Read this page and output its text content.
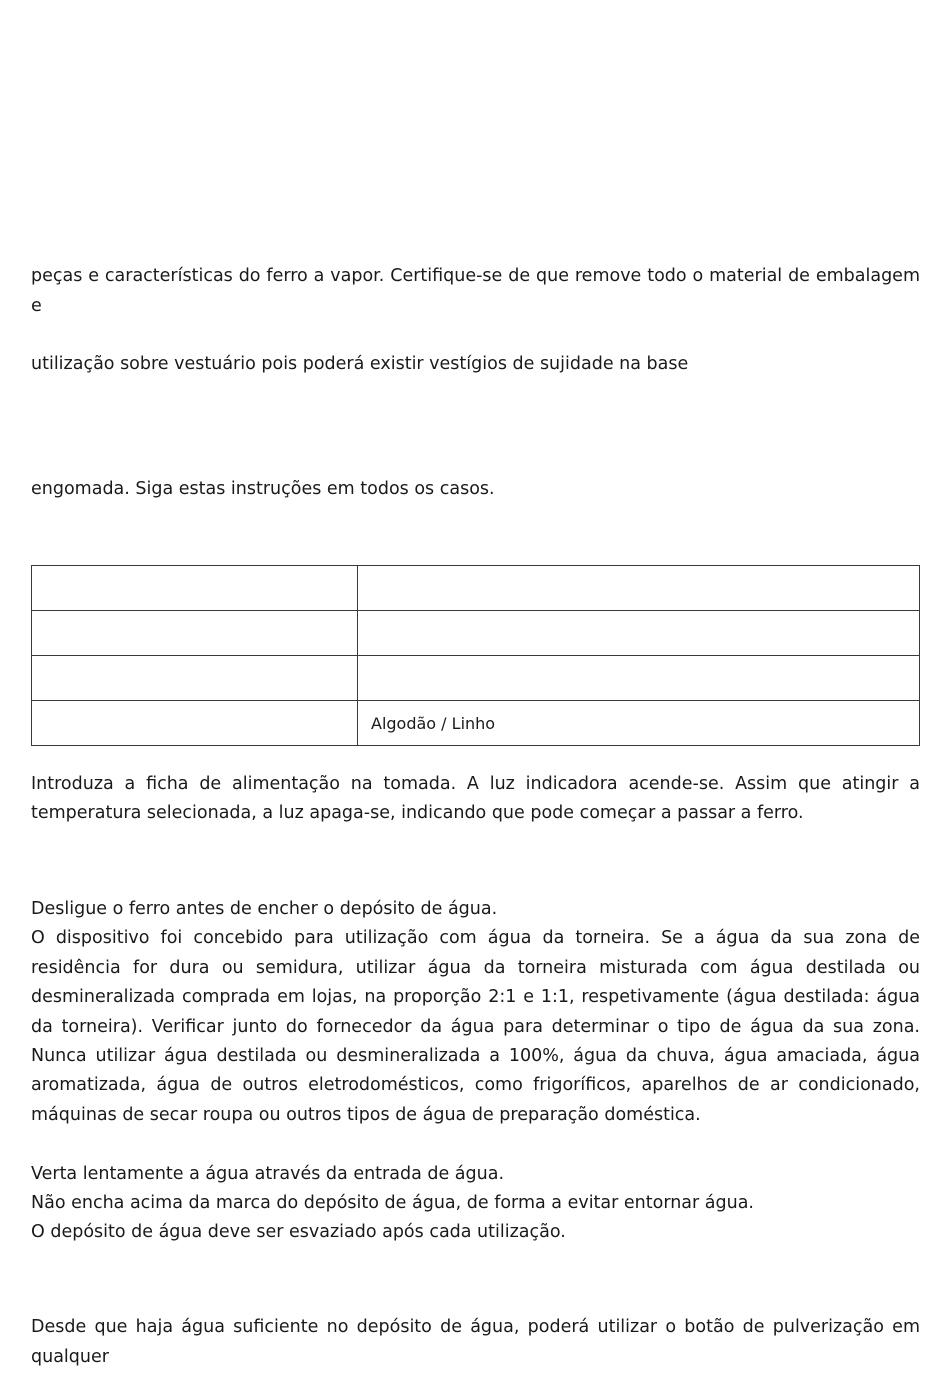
peças e características do ferro a vapor. Certifique-se de que remove todo o material de embalagem e

utilização sobre vestuário pois poderá existir vestígios de sujidade na base

engomada. Siga estas instruções em todos os casos.

	Algodão / Linho

Introduza a ficha de alimentação na tomada. A luz indicadora acende-se. Assim que atingir a temperatura selecionada, a luz apaga-se, indicando que pode começar a passar a ferro.

Desligue o ferro antes de encher o depósito de água.

O dispositivo foi concebido para utilização com água da torneira. Se a água da sua zona de residência for dura ou semidura, utilizar água da torneira misturada com água destilada ou desmineralizada comprada em lojas, na proporção 2:1 e 1:1, respetivamente (água destilada: água da torneira). Verificar junto do fornecedor da água para determinar o tipo de água da sua zona. Nunca utilizar água destilada ou desmineralizada a 100%, água da chuva, água amaciada, água aromatizada, água de outros eletrodomésticos, como frigoríficos, aparelhos de ar condicionado, máquinas de secar roupa ou outros tipos de água de preparação doméstica.

Verta lentamente a água através da entrada de água.

Não encha acima da marca do depósito de água, de forma a evitar entornar água.

O depósito de água deve ser esvaziado após cada utilização.

Desde que haja água suficiente no depósito de água, poderá utilizar o botão de pulverização em qualquer
